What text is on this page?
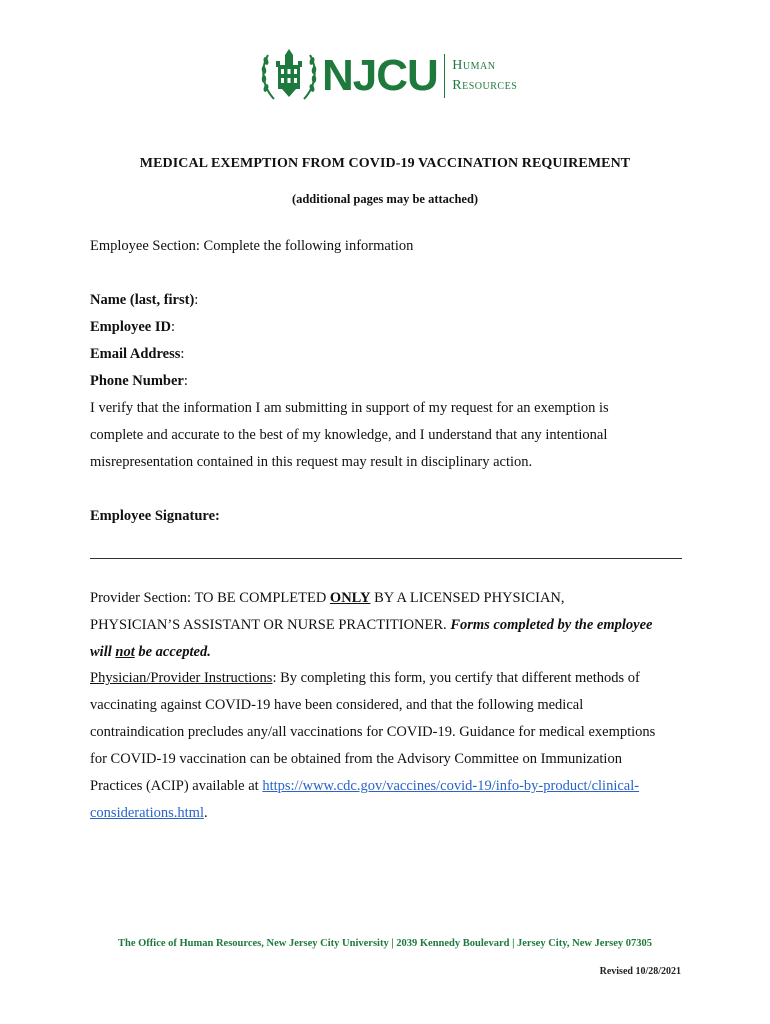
NJCU Human
Resources
MEDICAL EXEMPTION FROM COVID-19 VACCINATION REQUIREMENT
(additional pages may be attached)
Employee Section: Complete the following information
Name (last, first):
Employee ID:
Email Address:
Phone Number:
I verify that the information I am submitting in support of my request for an exemption is
complete and accurate to the best of my knowledge, and I understand that any intentional
misrepresentation contained in this request may result in disciplinary action.
Employee Signature:
Provider Section: TO BE COMPLETED ONLY BY A LICENSED PHYSICIAN,
PHYSICIAN’S ASSISTANT OR NURSE PRACTITIONER. Forms completed by the employee
will not be accepted.
Physician/Provider Instructions: By completing this form, you certify that different methods of
vaccinating against COVID-19 have been considered, and that the following medical
contraindication precludes any/all vaccinations for COVID-19. Guidance for medical exemptions
for COVID-19 vaccination can be obtained from the Advisory Committee on Immunization
Practices (ACIP) available at https://www.cdc.gov/vaccines/covid-19/info-by-product/clinical-
considerations.html.
The Office of Human Resources, New Jersey City University | 2039 Kennedy Boulevard | Jersey City, New Jersey 07305
Revised 10/28/2021
